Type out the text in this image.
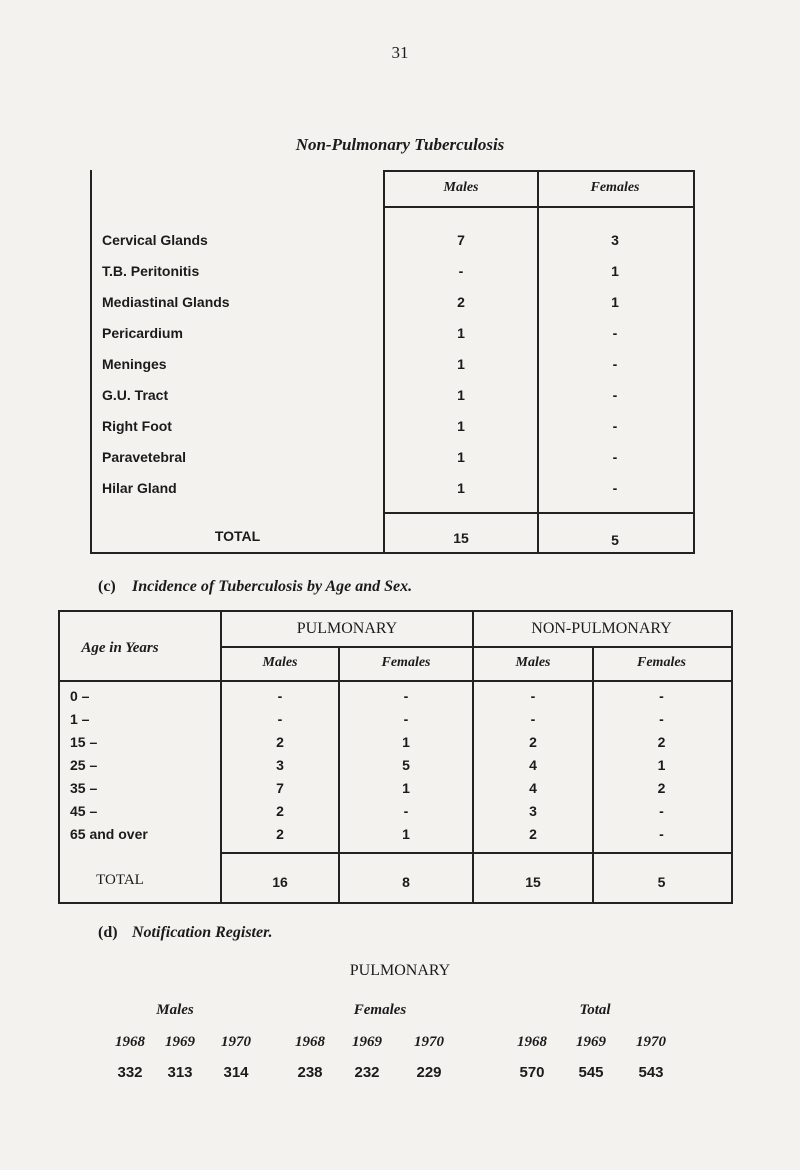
31
Non-Pulmonary Tuberculosis
Males	Females
Cervical Glands	7	3
T.B. Peritonitis	-	1
Mediastinal Glands	2	1
Pericardium	1	-
Meninges	1	-
G.U. Tract	1	-
Right Foot	1	-
Paravetebral	1	-
Hilar Gland	1	-
TOTAL	15	5
(c) Incidence of Tuberculosis by Age and Sex.
Age in Years
PULMONARY	NON-PULMONARY
Males	Females	Males	Females
0 –	-	-	-	-
1 –	-	-	-	-
15 –	2	1	2	2
25 –	3	5	4	1
35 –	7	1	4	2
45 –	2	-	3	-
65 and over	2	1	2	-
TOTAL	16	8	15	5
(d) Notification Register.
PULMONARY
Males	Females	Total
1968	1969	1970	1968	1969	1970	1968	1969	1970
332	313	314	238	232	229	570	545	543
